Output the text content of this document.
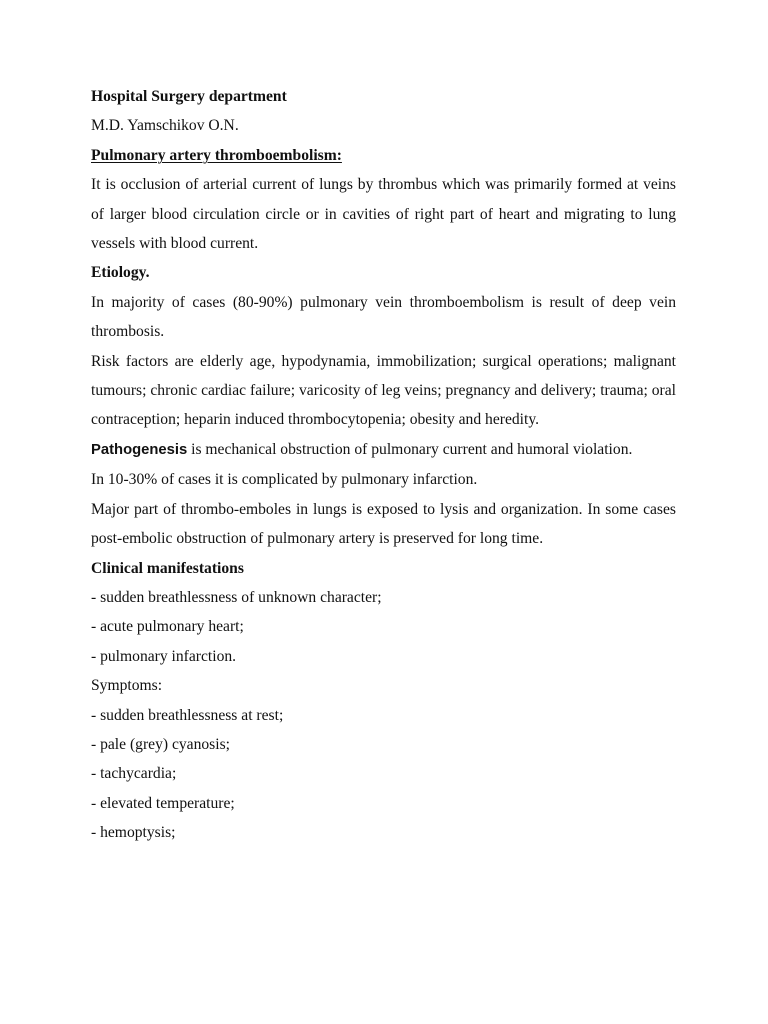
Hospital Surgery department

M.D. Yamschikov O.N.

Pulmonary artery thromboembolism:

It is occlusion of arterial current of lungs by thrombus which was primarily formed at veins of larger blood circulation circle or in cavities of right part of heart and migrating to lung vessels with blood current.

Etiology.

In majority of cases (80-90%) pulmonary vein thromboembolism is result of deep vein thrombosis.

Risk factors are elderly age, hypodynamia, immobilization; surgical operations; malignant tumours; chronic cardiac failure; varicosity of leg veins; pregnancy and delivery; trauma; oral contraception; heparin induced thrombocytopenia; obesity and heredity.

Pathogenesis is mechanical obstruction of pulmonary current and humoral violation.

In 10-30% of cases it is complicated by pulmonary infarction.

Major part of thrombo-emboles in lungs is exposed to lysis and organization. In some cases post-embolic obstruction of pulmonary artery is preserved for long time.

Clinical manifestations

- sudden breathlessness of unknown character;

- acute pulmonary heart;

- pulmonary infarction.

Symptoms:

- sudden breathlessness at rest;

- pale (grey) cyanosis;

- tachycardia;

- elevated temperature;

- hemoptysis;
